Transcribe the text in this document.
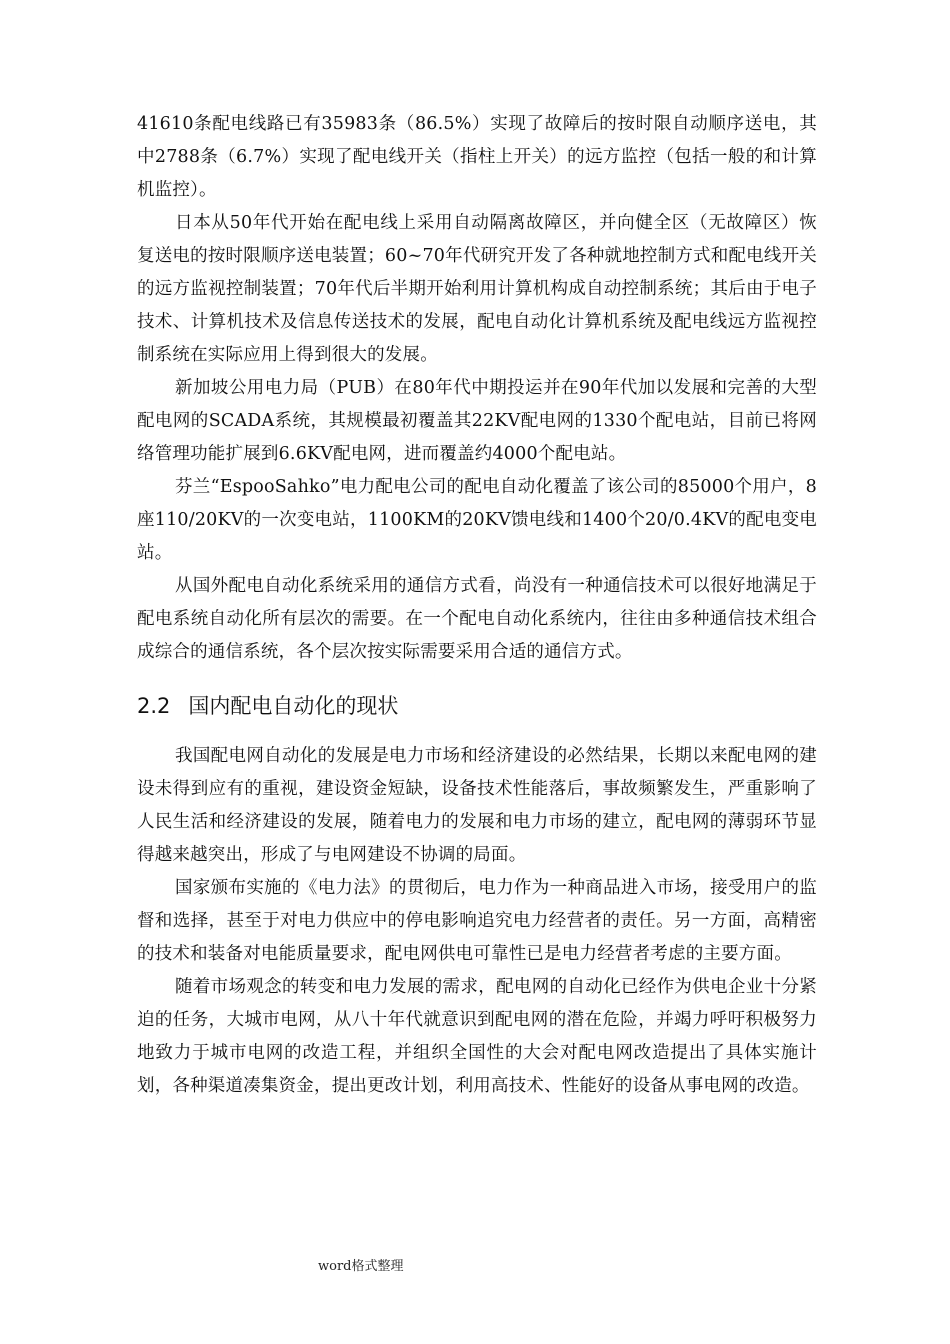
41610条配电线路已有35983条（86.5%）实现了故障后的按时限自动顺序送电，其中2788条（6.7%）实现了配电线开关（指柱上开关）的远方监控（包括一般的和计算机监控）。

日本从50年代开始在配电线上采用自动隔离故障区，并向健全区（无故障区）恢复送电的按时限顺序送电装置；60~70年代研究开发了各种就地控制方式和配电线开关的远方监视控制装置；70年代后半期开始利用计算机构成自动控制系统；其后由于电子技术、计算机技术及信息传送技术的发展，配电自动化计算机系统及配电线远方监视控制系统在实际应用上得到很大的发展。

新加坡公用电力局（PUB）在80年代中期投运并在90年代加以发展和完善的大型配电网的SCADA系统，其规模最初覆盖其22KV配电网的1330个配电站，目前已将网络管理功能扩展到6.6KV配电网，进而覆盖约4000个配电站。

芬兰“EspooSahko”电力配电公司的配电自动化覆盖了该公司的85000个用户，8座110/20KV的一次变电站，1100KM的20KV馈电线和1400个20/0.4KV的配电变电站。

从国外配电自动化系统采用的通信方式看，尚没有一种通信技术可以很好地满足于配电系统自动化所有层次的需要。在一个配电自动化系统内，往往由多种通信技术组合成综合的通信系统，各个层次按实际需要采用合适的通信方式。

2.2 国内配电自动化的现状

我国配电网自动化的发展是电力市场和经济建设的必然结果，长期以来配电网的建设未得到应有的重视，建设资金短缺，设备技术性能落后，事故频繁发生，严重影响了人民生活和经济建设的发展，随着电力的发展和电力市场的建立，配电网的薄弱环节显得越来越突出，形成了与电网建设不协调的局面。

国家颁布实施的《电力法》的贯彻后，电力作为一种商品进入市场，接受用户的监督和选择，甚至于对电力供应中的停电影响追究电力经营者的责任。另一方面，高精密的技术和装备对电能质量要求，配电网供电可靠性已是电力经营者考虑的主要方面。

随着市场观念的转变和电力发展的需求，配电网的自动化已经作为供电企业十分紧迫的任务，大城市电网，从八十年代就意识到配电网的潜在危险，并竭力呼吁积极努力地致力于城市电网的改造工程，并组织全国性的大会对配电网改造提出了具体实施计划，各种渠道凑集资金，提出更改计划，利用高技术、性能好的设备从事电网的改造。

word格式整理
